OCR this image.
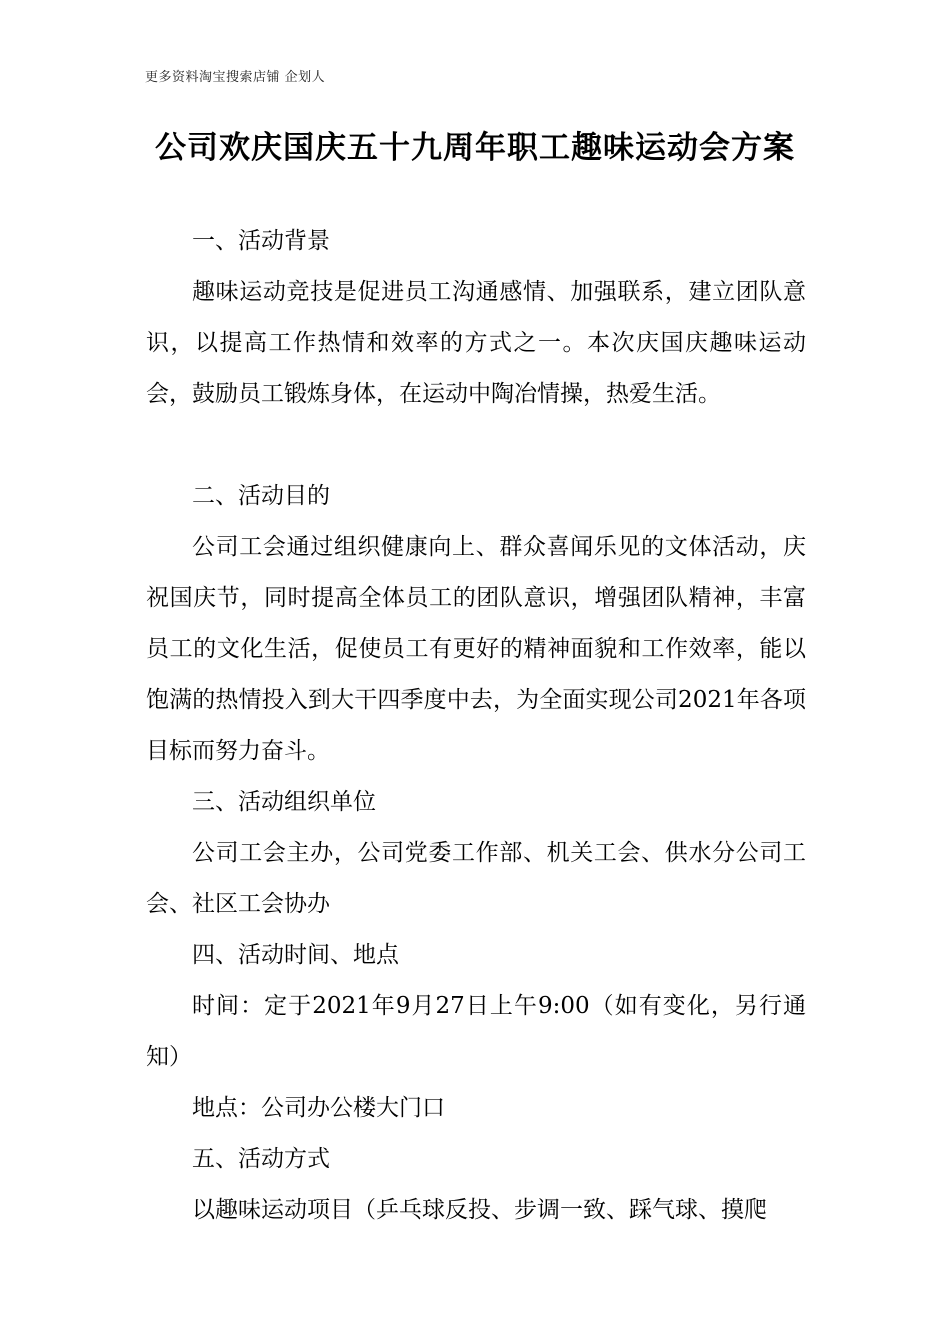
更多资料淘宝搜索店铺 企划人
公司欢庆国庆五十九周年职工趣味运动会方案

一、活动背景

趣味运动竞技是促进员工沟通感情、加强联系，建立团队意识，以提高工作热情和效率的方式之一。本次庆国庆趣味运动会，鼓励员工锻炼身体，在运动中陶冶情操，热爱生活。

二、活动目的

公司工会通过组织健康向上、群众喜闻乐见的文体活动，庆祝国庆节，同时提高全体员工的团队意识，增强团队精神，丰富员工的文化生活，促使员工有更好的精神面貌和工作效率，能以饱满的热情投入到大干四季度中去，为全面实现公司2021年各项目标而努力奋斗。

三、活动组织单位

公司工会主办，公司党委工作部、机关工会、供水分公司工会、社区工会协办

四、活动时间、地点

时间：定于2021年9月27日上午9:00（如有变化，另行通知）

地点：公司办公楼大门口

五、活动方式

以趣味运动项目（乒乓球反投、步调一致、踩气球、摸爬
